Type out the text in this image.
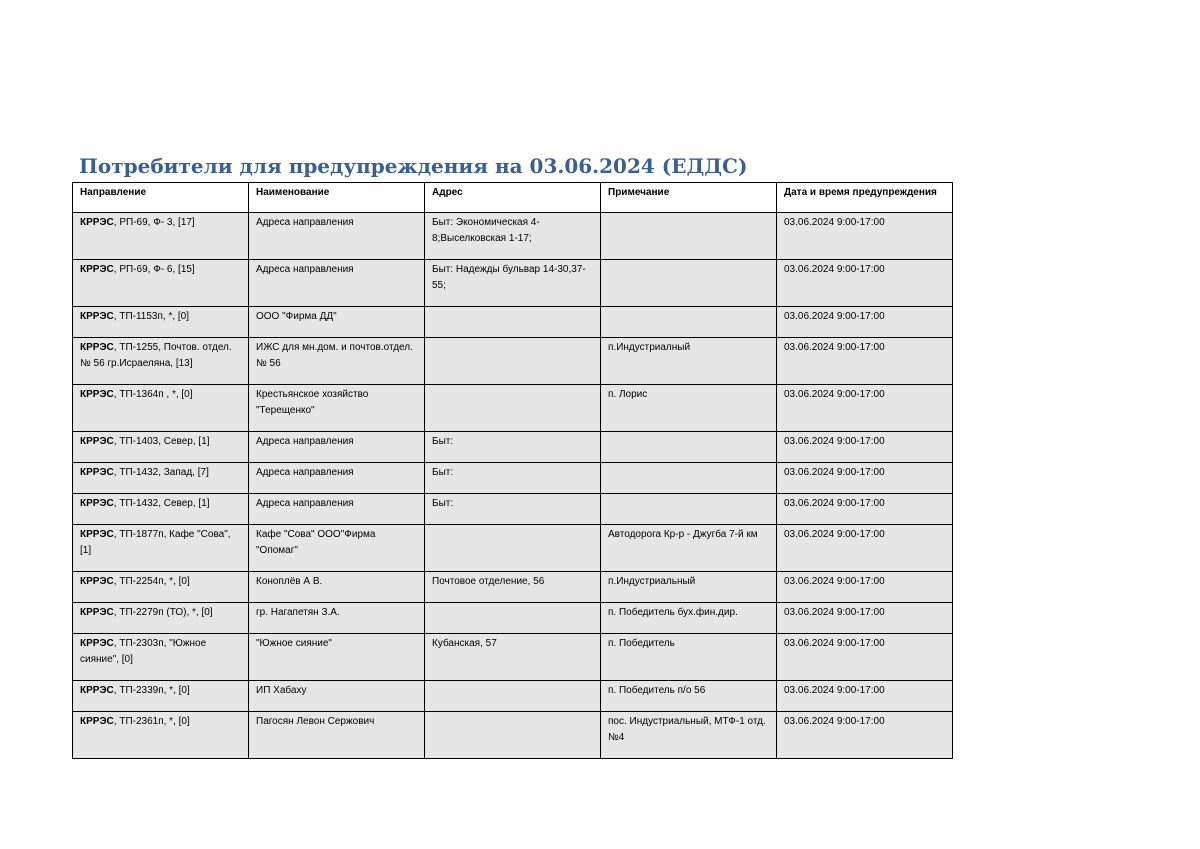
Потребители для предупреждения на 03.06.2024 (ЕДДС)
Направление	Наименование	Адрес	Примечание	Дата и время предупреждения
КРРЭС, РП-69, Ф- 3, [17]	Адреса направления	Быт: Экономическая 4-8;Выселковская 1-17;		03.06.2024 9:00-17:00
КРРЭС, РП-69, Ф- 6, [15]	Адреса направления	Быт: Надежды бульвар 14-30,37-55;		03.06.2024 9:00-17:00
КРРЭС, ТП-1153п, *, [0]	ООО "Фирма ДД"			03.06.2024 9:00-17:00
КРРЭС, ТП-1255, Почтов. отдел.№ 56 гр.Исраеляна, [13]	ИЖС для мн.дом. и почтов.отдел.№ 56		п.Индустриалный	03.06.2024 9:00-17:00
КРРЭС, ТП-1364п , *, [0]	Крестьянское хозяйство "Терещенко"		п. Лорис	03.06.2024 9:00-17:00
КРРЭС, ТП-1403, Север, [1]	Адреса направления	Быт:		03.06.2024 9:00-17:00
КРРЭС, ТП-1432, Запад, [7]	Адреса направления	Быт:		03.06.2024 9:00-17:00
КРРЭС, ТП-1432, Север, [1]	Адреса направления	Быт:		03.06.2024 9:00-17:00
КРРЭС, ТП-1877п, Кафе "Сова", [1]	Кафе "Сова" ООО"Фирма "Опомаг"		Автодорога Кр-р - Джугба 7-й км	03.06.2024 9:00-17:00
КРРЭС, ТП-2254п, *, [0]	Коноплёв А В.	Почтовое отделение, 56	п.Индустриальный	03.06.2024 9:00-17:00
КРРЭС, ТП-2279п (ТО), *, [0]	гр. Нагапетян З.А.		п. Победитель бух.фин.дир.	03.06.2024 9:00-17:00
КРРЭС, ТП-2303п, "Южное сияние", [0]	"Южное сияние"	Кубанская, 57	п. Победитель	03.06.2024 9:00-17:00
КРРЭС, ТП-2339п, *, [0]	ИП Хабаху		п. Победитель п/о 56	03.06.2024 9:00-17:00
КРРЭС, ТП-2361п, *, [0]	Пагосян Левон Сержович		пос. Индустриальный, МТФ-1 отд. №4	03.06.2024 9:00-17:00
